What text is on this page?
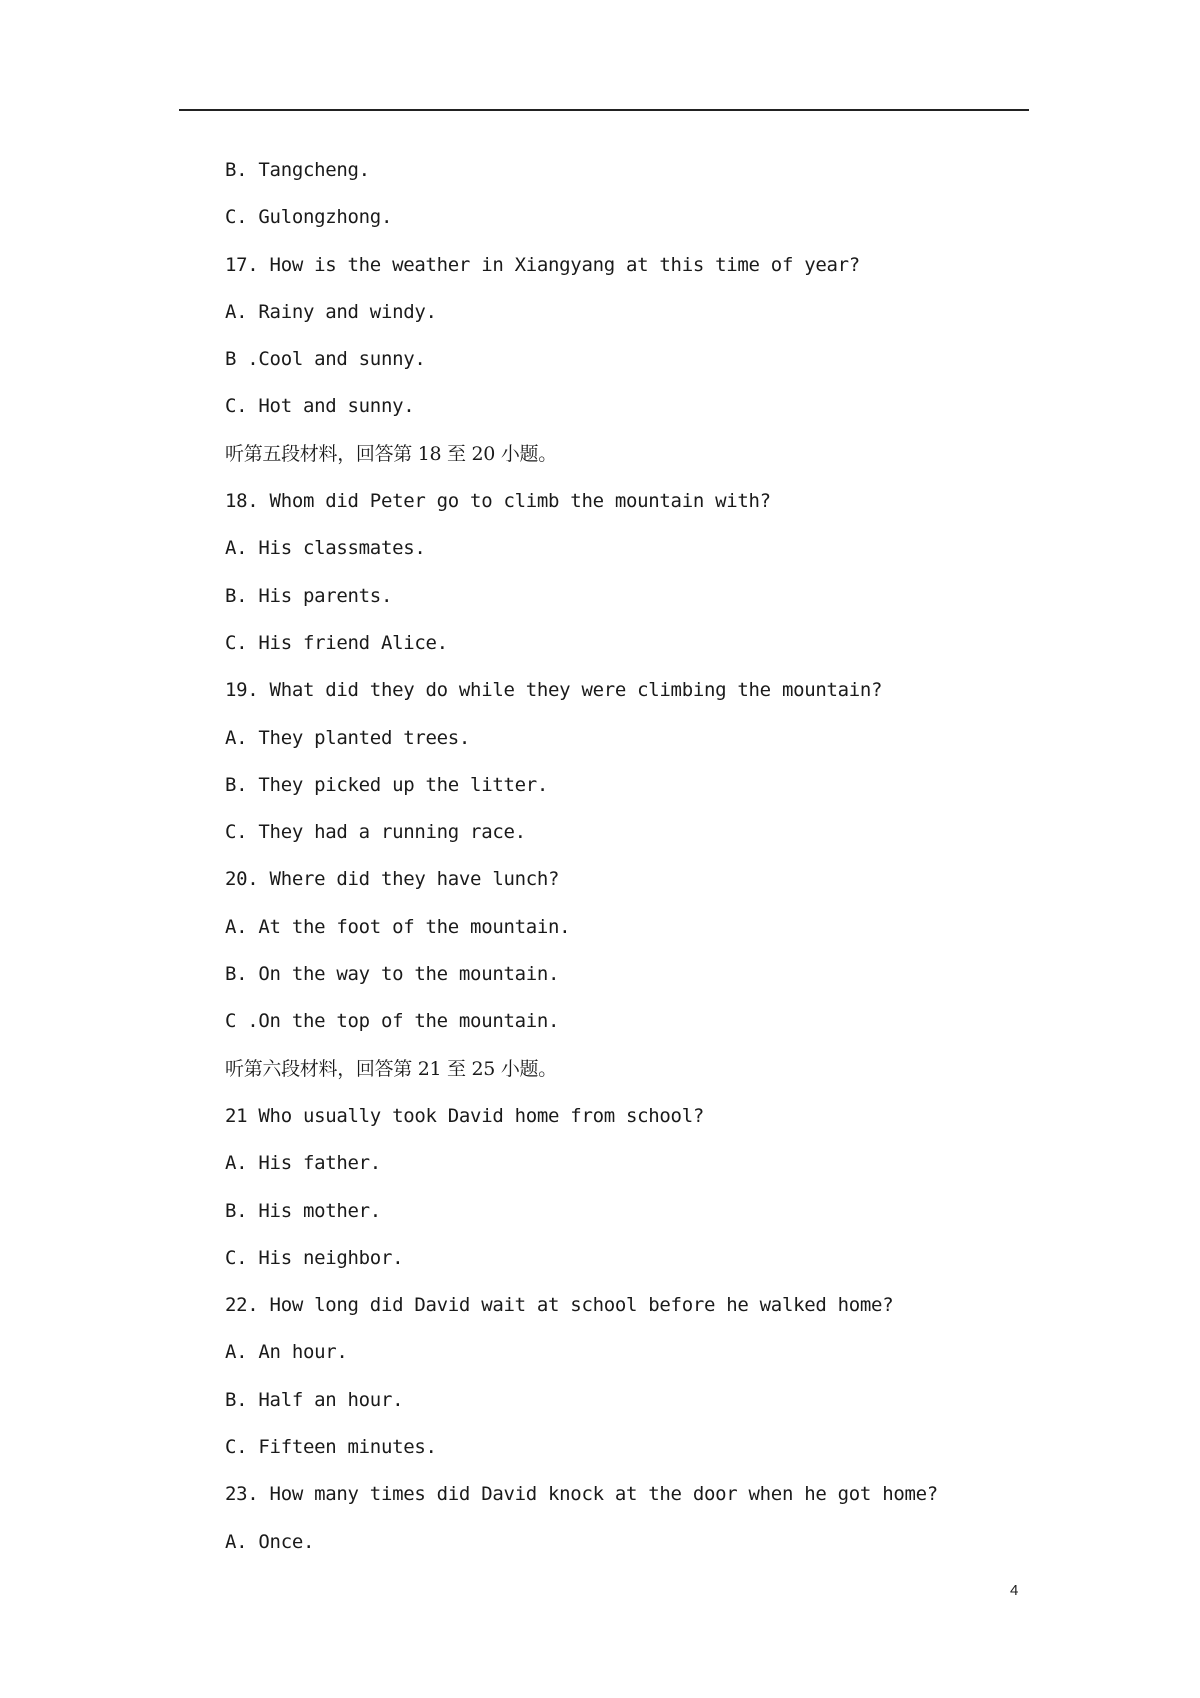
B. Tangcheng.
C. Gulongzhong.
17. How is the weather in Xiangyang at this time of year?
A. Rainy and windy.
B .Cool and sunny.
C. Hot and sunny.
听第五段材料，回答第 18 至 20 小题。
18. Whom did Peter go to climb the mountain with?
A. His classmates.
B. His parents.
C. His friend Alice.
19. What did they do while they were climbing the mountain?
A. They planted trees.
B. They picked up the litter.
C. They had a running race.
20. Where did they have lunch?
A. At the foot of the mountain.
B. On the way to the mountain.
C .On the top of the mountain.
听第六段材料，回答第 21 至 25 小题。
21 Who usually took David home from school?
A. His father.
B. His mother.
C. His neighbor.
22. How long did David wait at school before he walked home?
A. An hour.
B. Half an hour.
C. Fifteen minutes.
23. How many times did David knock at the door when he got home?
A. Once.
4
